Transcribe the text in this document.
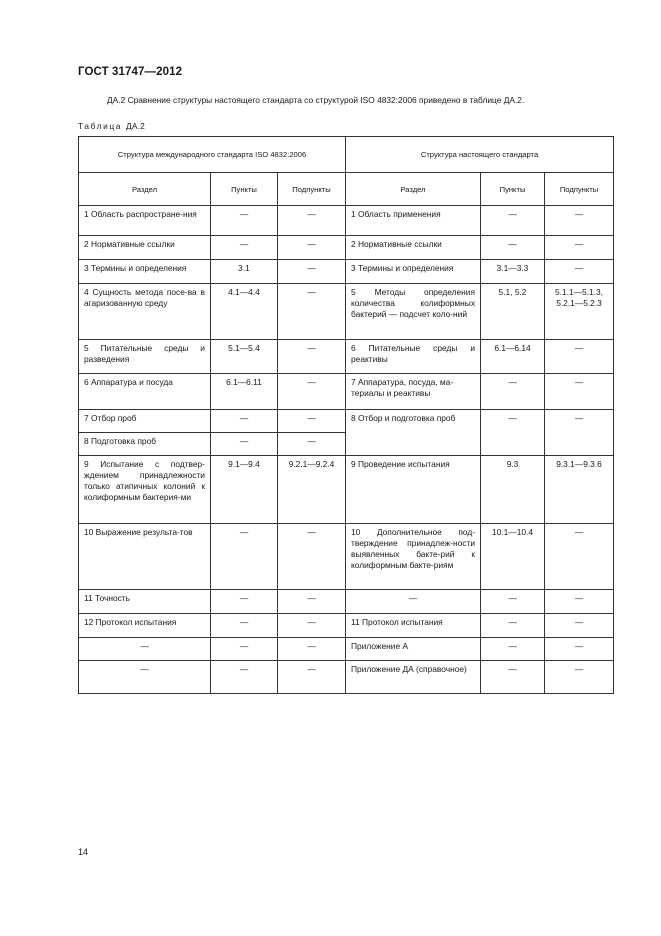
ГОСТ 31747—2012
ДА.2 Сравнение структуры настоящего стандарта со структурой ISO 4832:2006 приведено в таблице ДА.2.
Таблица ДА.2
Структура международного стандарта ISO 4832:2006			Структура настоящего стандарта		
Раздел	Пункты	Подпункты	Раздел	Пункты	Подпункты
1 Область распростране-ния	—	—	1 Область применения	—	—
2 Нормативные ссылки	—	—	2 Нормативные ссылки	—	—
3 Термины и определения	3.1	—	3 Термины и определения	3.1—3.3	—
4 Сущность метода посе-ва в агаризованную среду	4.1—4.4	—	5 Методы определения количества колиформных бактерий — подсчет коло-ний	5.1, 5.2	5.1.1—5.1.3, 5.2.1—5.2.3
5 Питательные среды и разведения	5.1—5.4	—	6 Питательные среды и реактивы	6.1—6.14	—
6 Аппаратура и посуда	6.1—6.11	—	7 Аппаратура, посуда, ма-териалы и реактивы	—	—
7 Отбор проб	—	—	8 Отбор и подготовка проб	—	—
8 Подготовка проб	—	—			
9 Испытание с подтвер-ждением принадлежности только атипичных колоний к колиформным бактерия-ми	9.1—9.4	9.2.1—9.2.4	9 Проведение испытания	9.3	9.3.1—9.3.6
10 Выражение результа-тов	—	—	10 Дополнительное под-тверждение принадлеж-ности выявленных бакте-рий к колиформным бакте-риям	10.1—10.4	—
11 Точность	—	—	—	—	—
12 Протокол испытания	—	—	11 Протокол испытания	—	—
—	—	—	Приложение А	—	—
—	—	—	Приложение ДА (справочное)	—	—
14
